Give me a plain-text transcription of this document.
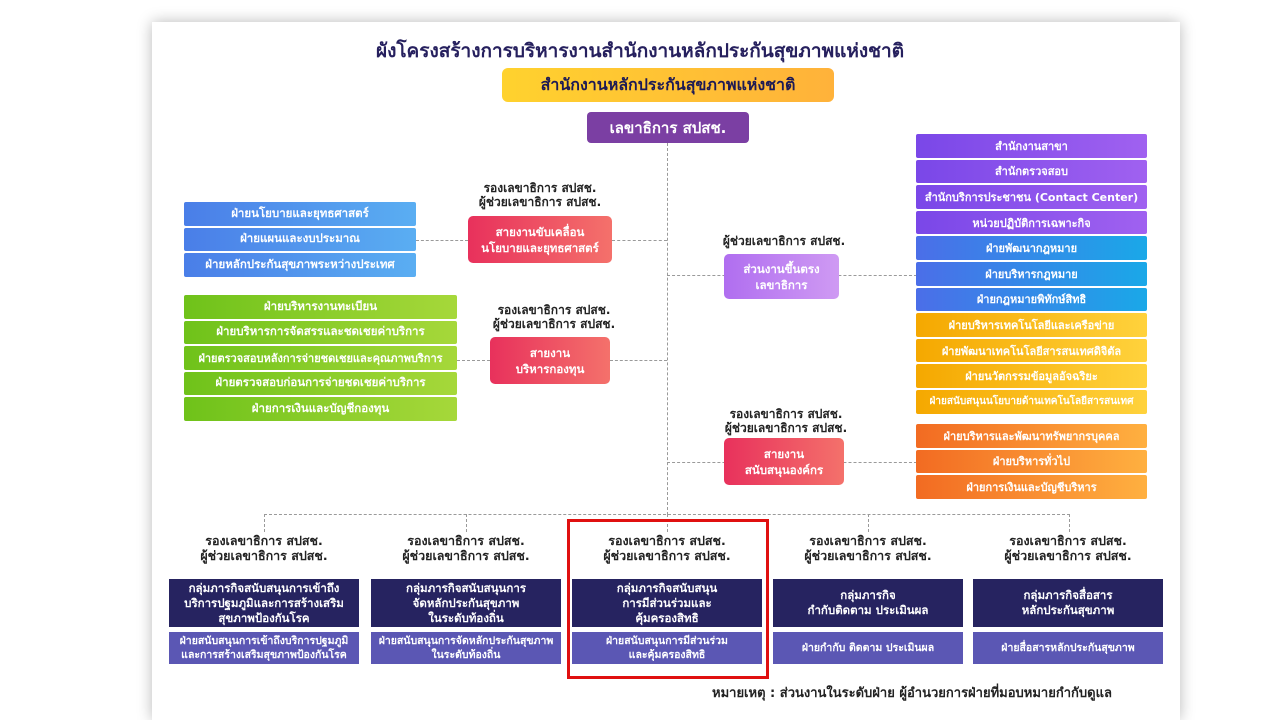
ผังโครงสร้างการบริหารงานสำนักงานหลักประกันสุขภาพแห่งชาติ
สำนักงานหลักประกันสุขภาพแห่งชาติ
เลขาธิการ สปสช.
รองเลขาธิการ สปสช.
ผู้ช่วยเลขาธิการ สปสช.
สายงานขับเคลื่อน
นโยบายและยุทธศาสตร์
ฝ่ายนโยบายและยุทธศาสตร์
ฝ่ายแผนและงบประมาณ
ฝ่ายหลักประกันสุขภาพระหว่างประเทศ
รองเลขาธิการ สปสช.
ผู้ช่วยเลขาธิการ สปสช.
สายงาน
บริหารกองทุน
ฝ่ายบริหารงานทะเบียน
ฝ่ายบริหารการจัดสรรและชดเชยค่าบริการ
ฝ่ายตรวจสอบหลังการจ่ายชดเชยและคุณภาพบริการ
ฝ่ายตรวจสอบก่อนการจ่ายชดเชยค่าบริการ
ฝ่ายการเงินและบัญชีกองทุน
ผู้ช่วยเลขาธิการ สปสช.
ส่วนงานขึ้นตรง
เลขาธิการ
สำนักงานสาขา
สำนักตรวจสอบ
สำนักบริการประชาชน (Contact Center)
หน่วยปฏิบัติการเฉพาะกิจ
ฝ่ายพัฒนากฎหมาย
ฝ่ายบริหารกฎหมาย
ฝ่ายกฎหมายพิทักษ์สิทธิ
ฝ่ายบริหารเทคโนโลยีและเครือข่าย
ฝ่ายพัฒนาเทคโนโลยีสารสนเทศดิจิตัล
ฝ่ายนวัตกรรมข้อมูลอัจฉริยะ
ฝ่ายสนับสนุนนโยบายด้านเทคโนโลยีสารสนเทศ
รองเลขาธิการ สปสช.
ผู้ช่วยเลขาธิการ สปสช.
สายงาน
สนับสนุนองค์กร
ฝ่ายบริหารและพัฒนาทรัพยากรบุคคล
ฝ่ายบริหารทั่วไป
ฝ่ายการเงินและบัญชีบริหาร
รองเลขาธิการ สปสช.
ผู้ช่วยเลขาธิการ สปสช.
กลุ่มภารกิจสนับสนุนการเข้าถึง
บริการปฐมภูมิและการสร้างเสริม
สุขภาพป้องกันโรค
ฝ่ายสนับสนุนการเข้าถึงบริการปฐมภูมิ
และการสร้างเสริมสุขภาพป้องกันโรค
รองเลขาธิการ สปสช.
ผู้ช่วยเลขาธิการ สปสช.
กลุ่มภารกิจสนับสนุนการ
จัดหลักประกันสุขภาพ
ในระดับท้องถิ่น
ฝ่ายสนับสนุนการจัดหลักประกันสุขภาพ
ในระดับท้องถิ่น
รองเลขาธิการ สปสช.
ผู้ช่วยเลขาธิการ สปสช.
กลุ่มภารกิจสนับสนุน
การมีส่วนร่วมและ
คุ้มครองสิทธิ
ฝ่ายสนับสนุนการมีส่วนร่วม
และคุ้มครองสิทธิ
รองเลขาธิการ สปสช.
ผู้ช่วยเลขาธิการ สปสช.
กลุ่มภารกิจ
กำกับติดตาม ประเมินผล
ฝ่ายกำกับ ติดตาม ประเมินผล
รองเลขาธิการ สปสช.
ผู้ช่วยเลขาธิการ สปสช.
กลุ่มภารกิจสื่อสาร
หลักประกันสุขภาพ
ฝ่ายสื่อสารหลักประกันสุขภาพ
หมายเหตุ : ส่วนงานในระดับฝ่าย ผู้อำนวยการฝ่ายที่มอบหมายกำกับดูแล
